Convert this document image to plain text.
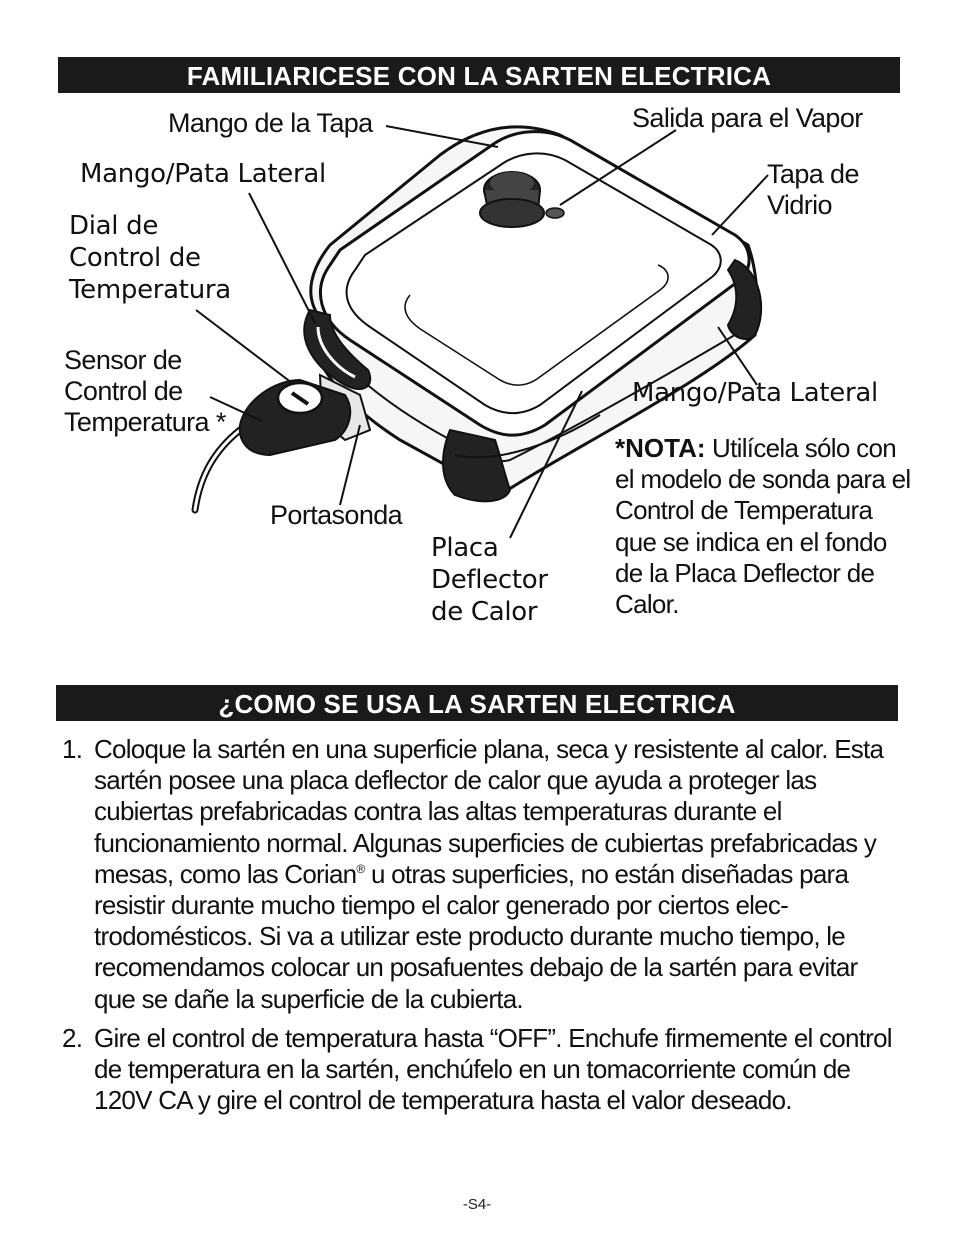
FAMILIARICESE CON LA SARTEN ELECTRICA
Mango de la Tapa	Salida para el Vapor
Mango/Pata Lateral	Tapa de
Vidrio
Dial de
Control de
Temperatura
Sensor de
Control de
Temperatura *
Mango/Pata Lateral
Portasonda
Placa
Deflector
de Calor
*NOTA: Utilícela sólo con el modelo de sonda para el Control de Temperatura que se indica en el fondo de la Placa Deflector de Calor.
¿COMO SE USA LA SARTEN ELECTRICA
1. Coloque la sartén en una superficie plana, seca y resistente al calor. Esta sartén posee una placa deflector de calor que ayuda a proteger las cubiertas prefabricadas contra las altas temperaturas durante el funcionamiento normal. Algunas superficies de cubiertas prefabricadas y mesas, como las Corian® u otras superficies, no están diseñadas para resistir durante mucho tiempo el calor generado por ciertos elec-trodomésticos. Si va a utilizar este producto durante mucho tiempo, le recomendamos colocar un posafuentes debajo de la sartén para evitar que se dañe la superficie de la cubierta.
2. Gire el control de temperatura hasta “OFF”. Enchufe firmemente el control de temperatura en la sartén, enchúfelo en un tomacorriente común de 120V CA y gire el control de temperatura hasta el valor deseado.
-S4-
